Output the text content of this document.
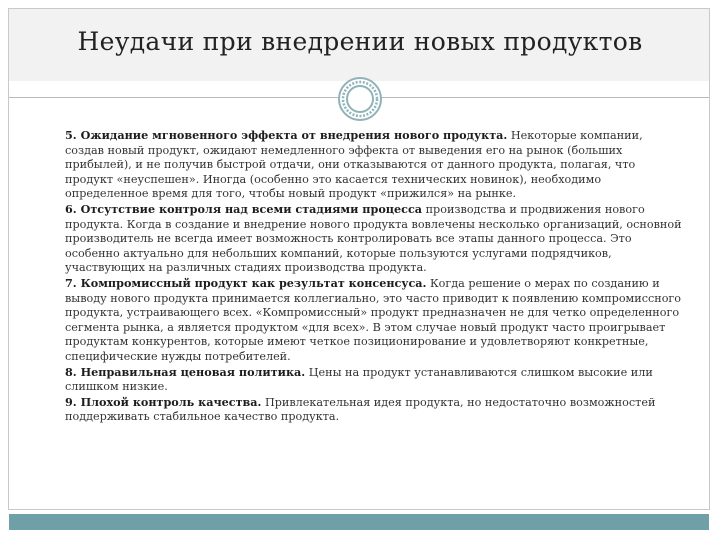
Неудачи при внедрении новых продуктов

5. Ожидание мгновенного эффекта от внедрения нового продукта. Некоторые компании, создав новый продукт, ожидают немедленного эффекта от выведения его на рынок (больших прибылей), и не получив быстрой отдачи, они отказываются от данного продукта, полагая, что продукт «неуспешен». Иногда (особенно это касается технических новинок), необходимо определенное время для того, чтобы новый продукт «прижился» на рынке.

6. Отсутствие контроля над всеми стадиями процесса производства и продвижения нового продукта. Когда в создание и внедрение нового продукта вовлечены несколько организаций, основной производитель не всегда имеет возможность контролировать все этапы данного процесса. Это особенно актуально для небольших компаний, которые пользуются услугами подрядчиков, участвующих на различных стадиях производства продукта.

7. Компромиссный продукт как результат консенсуса. Когда решение о мерах по созданию и выводу нового продукта принимается коллегиально, это часто приводит к появлению компромиссного продукта, устраивающего всех. «Компромиссный» продукт предназначен не для четко определенного сегмента рынка, а является продуктом «для всех». В этом случае новый продукт часто проигрывает продуктам конкурентов, которые имеют четкое позиционирование и удовлетворяют конкретные, специфические нужды потребителей.

8. Неправильная ценовая политика. Цены на продукт устанавливаются слишком высокие или слишком низкие.

9. Плохой контроль качества. Привлекательная идея продукта, но недостаточно возможностей поддерживать стабильное качество продукта.
